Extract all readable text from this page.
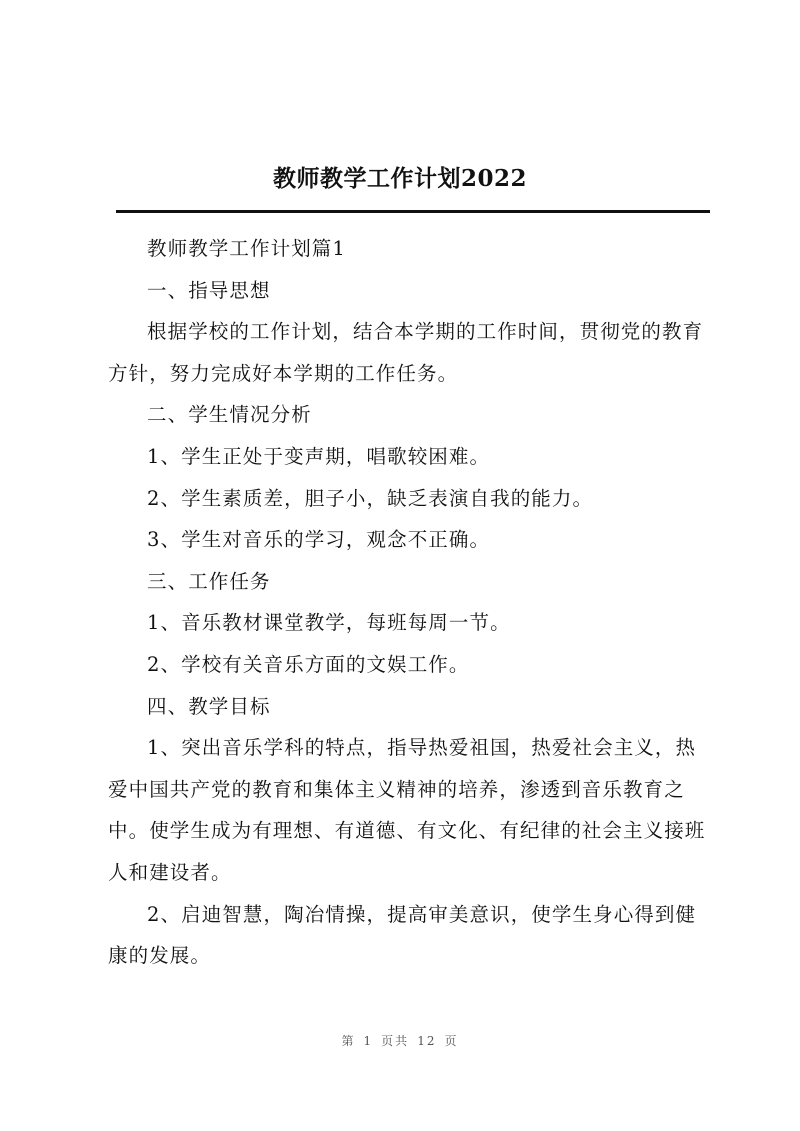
教师教学工作计划2022

教师教学工作计划篇1

一、指导思想

根据学校的工作计划，结合本学期的工作时间，贯彻党的教育方针，努力完成好本学期的工作任务。

二、学生情况分析

1、学生正处于变声期，唱歌较困难。

2、学生素质差，胆子小，缺乏表演自我的能力。

3、学生对音乐的学习，观念不正确。

三、工作任务

1、音乐教材课堂教学，每班每周一节。

2、学校有关音乐方面的文娱工作。

四、教学目标

1、突出音乐学科的特点，指导热爱祖国，热爱社会主义，热爱中国共产党的教育和集体主义精神的培养，渗透到音乐教育之中。使学生成为有理想、有道德、有文化、有纪律的社会主义接班人和建设者。

2、启迪智慧，陶冶情操，提高审美意识，使学生身心得到健康的发展。

第 1 页共 12 页
